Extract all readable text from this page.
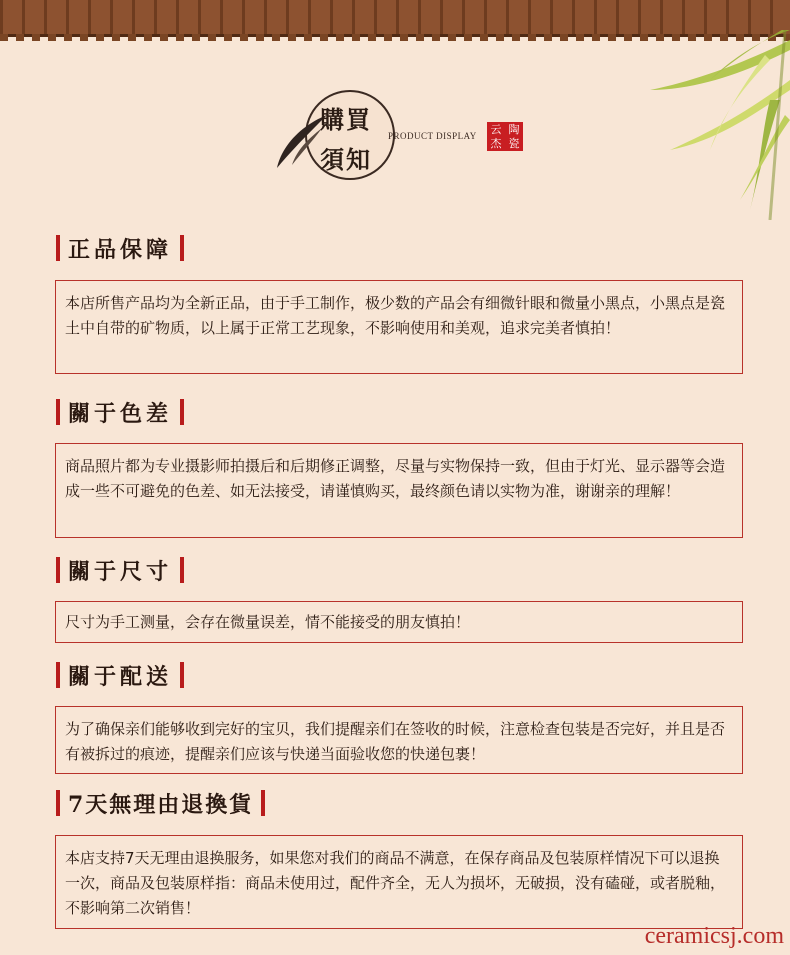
購買
須知
PRODUCT DISPLAY	云 陶
杰 瓷
正品保障
本店所售产品均为全新正品，由于手工制作，极少数的产品会有细微针眼和微量小黑点，小黑点是瓷土中自带的矿物质，以上属于正常工艺现象，不影响使用和美观，追求完美者慎拍！
關于色差
商品照片都为专业摄影师拍摄后和后期修正调整，尽量与实物保持一致，但由于灯光、显示器等会造成一些不可避免的色差、如无法接受，请谨慎购买，最终颜色请以实物为准，谢谢亲的理解！
關于尺寸
尺寸为手工测量，会存在微量误差，情不能接受的朋友慎拍！
關于配送
为了确保亲们能够收到完好的宝贝，我们提醒亲们在签收的时候，注意检查包装是否完好，并且是否有被拆过的痕迹，提醒亲们应该与快递当面验收您的快递包裹！
7天無理由退換貨
本店支持7天无理由退换服务，如果您对我们的商品不满意，在保存商品及包装原样情况下可以退换一次，商品及包装原样指：商品未使用过，配件齐全，无人为损坏，无破损，没有磕碰，或者脱釉，不影响第二次销售！
ceramicsj.com
